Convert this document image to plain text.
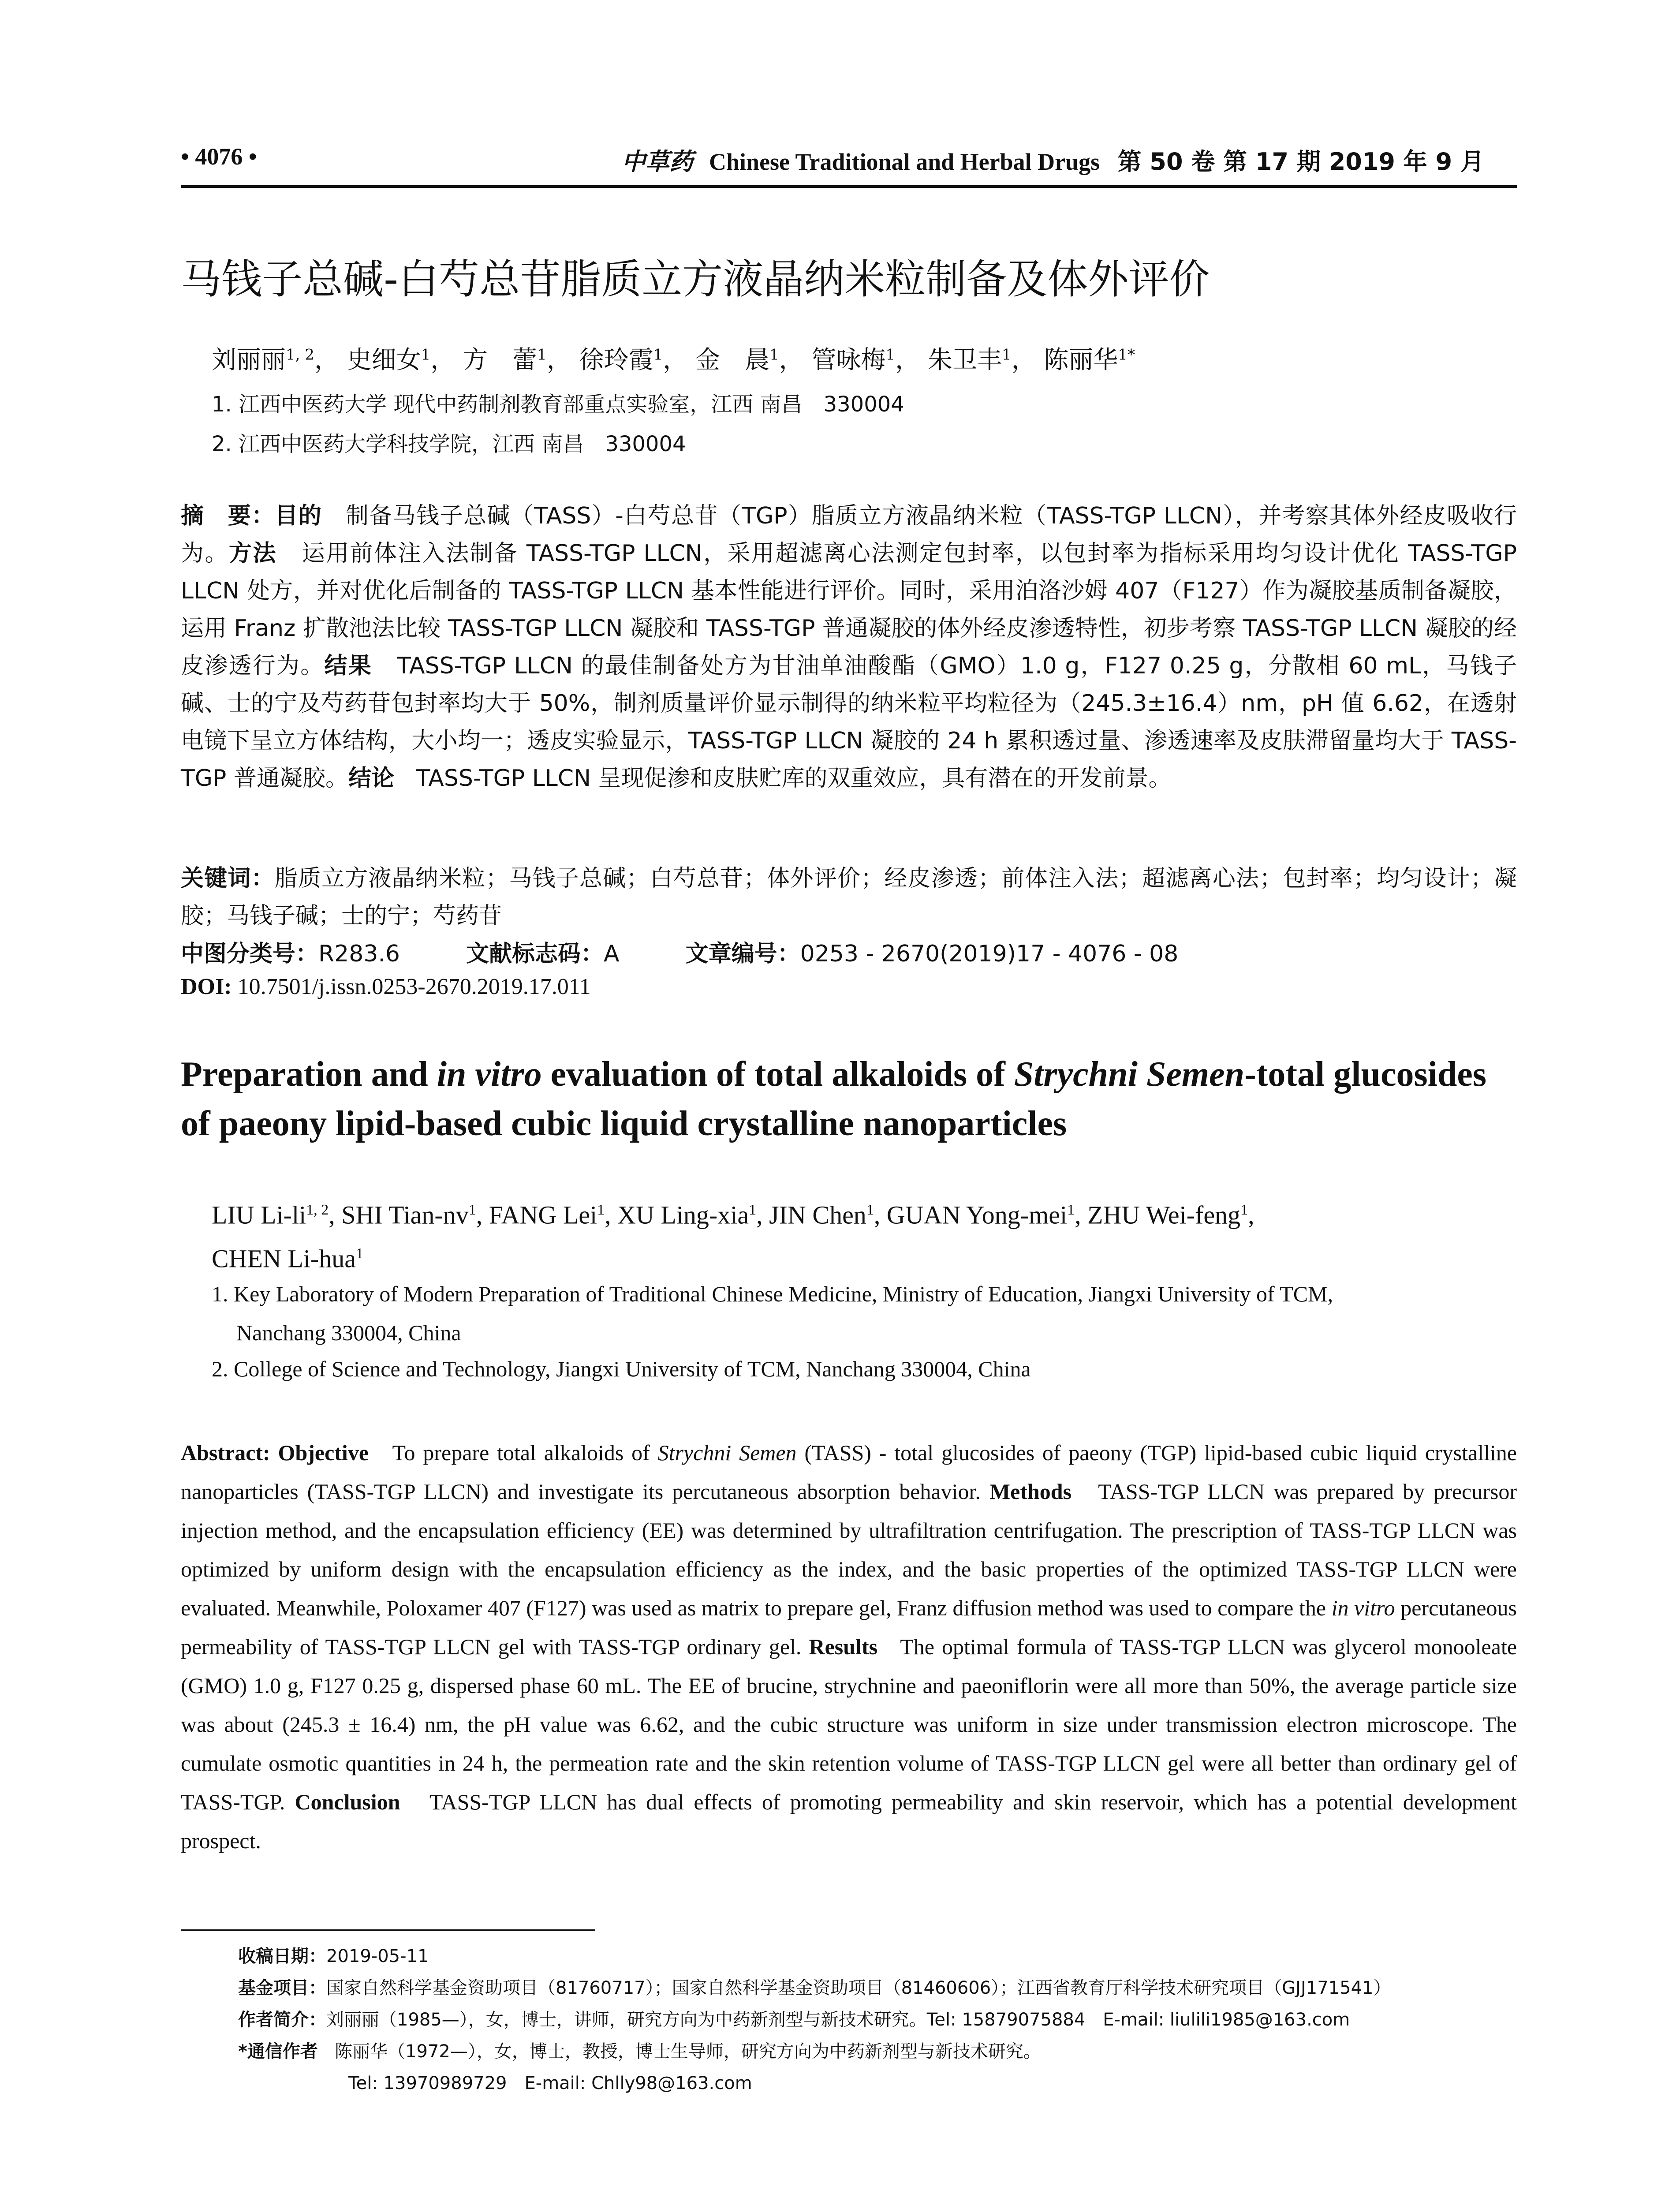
• 4076 •	中草药 Chinese Traditional and Herbal Drugs 第 50 卷 第 17 期 2019 年 9 月
马钱子总碱-白芍总苷脂质立方液晶纳米粒制备及体外评价
刘丽丽$^{1, 2}$， 史细女$^1$， 方　蕾$^1$， 徐玲霞$^1$， 金　晨$^1$， 管咏梅$^1$， 朱卫丰$^1$， 陈丽华$^{1*}$
1. 江西中医药大学 现代中药制剂教育部重点实验室，江西 南昌　330004
2. 江西中医药大学科技学院，江西 南昌　330004
摘　要：目的 制备马钱子总碱（TASS）-白芍总苷（TGP）脂质立方液晶纳米粒（TASS-TGP LLCN），并考察其体外经皮吸收行为。方法 运用前体注入法制备 TASS-TGP LLCN，采用超滤离心法测定包封率，以包封率为指标采用均匀设计优化 TASS-TGP LLCN 处方，并对优化后制备的 TASS-TGP LLCN 基本性能进行评价。同时，采用泊洛沙姆 407（F127）作为凝胶基质制备凝胶，运用 Franz 扩散池法比较 TASS-TGP LLCN 凝胶和 TASS-TGP 普通凝胶的体外经皮渗透特性，初步考察 TASS-TGP LLCN 凝胶的经皮渗透行为。结果 TASS-TGP LLCN 的最佳制备处方为甘油单油酸酯（GMO）1.0 g，F127 0.25 g，分散相 60 mL，马钱子碱、士的宁及芍药苷包封率均大于 50%，制剂质量评价显示制得的纳米粒平均粒径为（245.3±16.4）nm，pH 值 6.62，在透射电镜下呈立方体结构，大小均一；透皮实验显示，TASS-TGP LLCN 凝胶的 24 h 累积透过量、渗透速率及皮肤滞留量均大于 TASS-TGP 普通凝胶。结论 TASS-TGP LLCN 呈现促渗和皮肤贮库的双重效应，具有潜在的开发前景。
关键词：脂质立方液晶纳米粒；马钱子总碱；白芍总苷；体外评价；经皮渗透；前体注入法；超滤离心法；包封率；均匀设计；凝胶；马钱子碱；士的宁；芍药苷
中图分类号：R283.6	文献标志码：A	文章编号：0253 - 2670(2019)17 - 4076 - 08
DOI: 10.7501/j.issn.0253-2670.2019.17.011
Preparation and in vitro evaluation of total alkaloids of Strychni Semen-total glucosides of paeony lipid-based cubic liquid crystalline nanoparticles
LIU Li-li$^{1, 2}$, SHI Tian-$nv^1$, FANG Lei$^1$, XU Ling-xia$^1$, JIN Chen$^1$, GUAN Yong-mei$^1$, ZHU Wei-feng$^1$,
CHEN Li-hua$^1$
1. Key Laboratory of Modern Preparation of Traditional Chinese Medicine, Ministry of Education, Jiangxi University of TCM,
Nanchang 330004, China
2. College of Science and Technology, Jiangxi University of TCM, Nanchang 330004, China
Abstract: Objective To prepare total alkaloids of Strychni Semen (TASS) - total glucosides of paeony (TGP) lipid-based cubic liquid crystalline nanoparticles (TASS-TGP LLCN) and investigate its percutaneous absorption behavior. Methods TASS-TGP LLCN was prepared by precursor injection method, and the encapsulation efficiency (EE) was determined by ultrafiltration centrifugation. The prescription of TASS-TGP LLCN was optimized by uniform design with the encapsulation efficiency as the index, and the basic properties of the optimized TASS-TGP LLCN were evaluated. Meanwhile, Poloxamer 407 (F127) was used as matrix to prepare gel, Franz diffusion method was used to compare the in vitro percutaneous permeability of TASS-TGP LLCN gel with TASS-TGP ordinary gel. Results The optimal formula of TASS-TGP LLCN was glycerol monooleate (GMO) 1.0 g, F127 0.25 g, dispersed phase 60 mL. The EE of brucine, strychnine and paeoniflorin were all more than 50%, the average particle size was about (245.3 ± 16.4) nm, the pH value was 6.62, and the cubic structure was uniform in size under transmission electron microscope. The cumulate osmotic quantities in 24 h, the permeation rate and the skin retention volume of TASS-TGP LLCN gel were all better than ordinary gel of TASS-TGP. Conclusion TASS-TGP LLCN has dual effects of promoting permeability and skin reservoir, which has a potential development prospect.
收稿日期：2019-05-11
基金项目：国家自然科学基金资助项目（81760717）；国家自然科学基金资助项目（81460606）；江西省教育厅科学技术研究项目（GJJ171541）
作者简介：刘丽丽（1985—），女，博士，讲师，研究方向为中药新剂型与新技术研究。Tel: 15879075884　E-mail: liulili1985@163.com
*通信作者 陈丽华（1972—），女，博士，教授，博士生导师，研究方向为中药新剂型与新技术研究。
Tel: 13970989729　E-mail: Chlly98@163.com
